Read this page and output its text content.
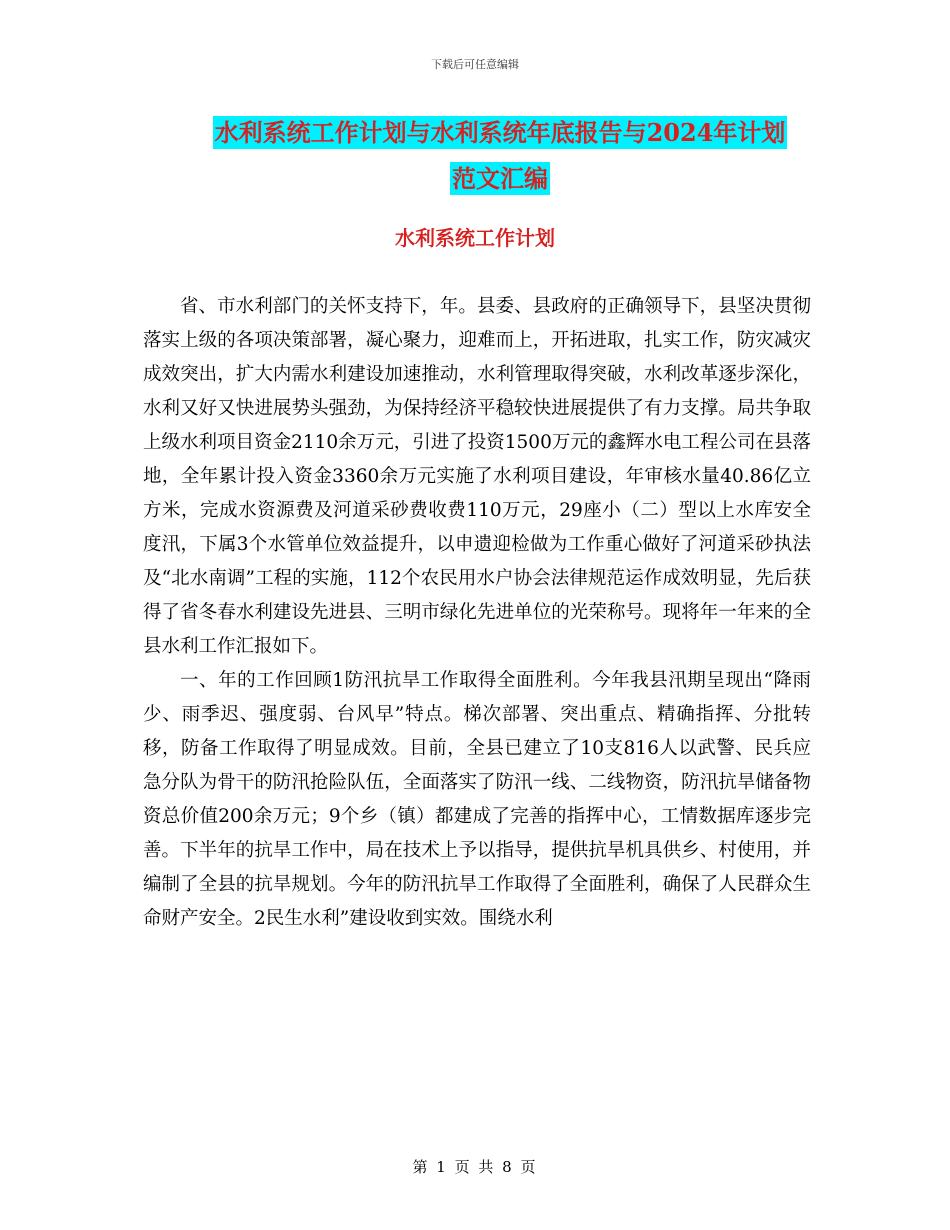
下载后可任意编辑
水利系统工作计划与水利系统年底报告与2024年计划
范文汇编
水利系统工作计划

省、市水利部门的关怀支持下，年。县委、县政府的正确领导下，县坚决贯彻落实上级的各项决策部署，凝心聚力，迎难而上，开拓进取，扎实工作，防灾减灾成效突出，扩大内需水利建设加速推动，水利管理取得突破，水利改革逐步深化，水利又好又快进展势头强劲，为保持经济平稳较快进展提供了有力支撑。局共争取上级水利项目资金2110余万元，引进了投资1500万元的鑫辉水电工程公司在县落地，全年累计投入资金3360余万元实施了水利项目建设，年审核水量40.86亿立方米，完成水资源费及河道采砂费收费110万元，29座小（二）型以上水库安全度汛，下属3个水管单位效益提升，以申遗迎检做为工作重心做好了河道采砂执法及“北水南调”工程的实施，112个农民用水户协会法律规范运作成效明显，先后获得了省冬春水利建设先进县、三明市绿化先进单位的光荣称号。现将年一年来的全县水利工作汇报如下。

一、年的工作回顾1防汛抗旱工作取得全面胜利。今年我县汛期呈现出“降雨少、雨季迟、强度弱、台风早”特点。梯次部署、突出重点、精确指挥、分批转移，防备工作取得了明显成效。目前，全县已建立了10支816人以武警、民兵应急分队为骨干的防汛抢险队伍，全面落实了防汛一线、二线物资，防汛抗旱储备物资总价值200余万元；9个乡（镇）都建成了完善的指挥中心，工情数据库逐步完善。下半年的抗旱工作中，局在技术上予以指导，提供抗旱机具供乡、村使用，并编制了全县的抗旱规划。今年的防汛抗旱工作取得了全面胜利，确保了人民群众生命财产安全。2民生水利”建设收到实效。围绕水利

第 1 页 共 8 页
